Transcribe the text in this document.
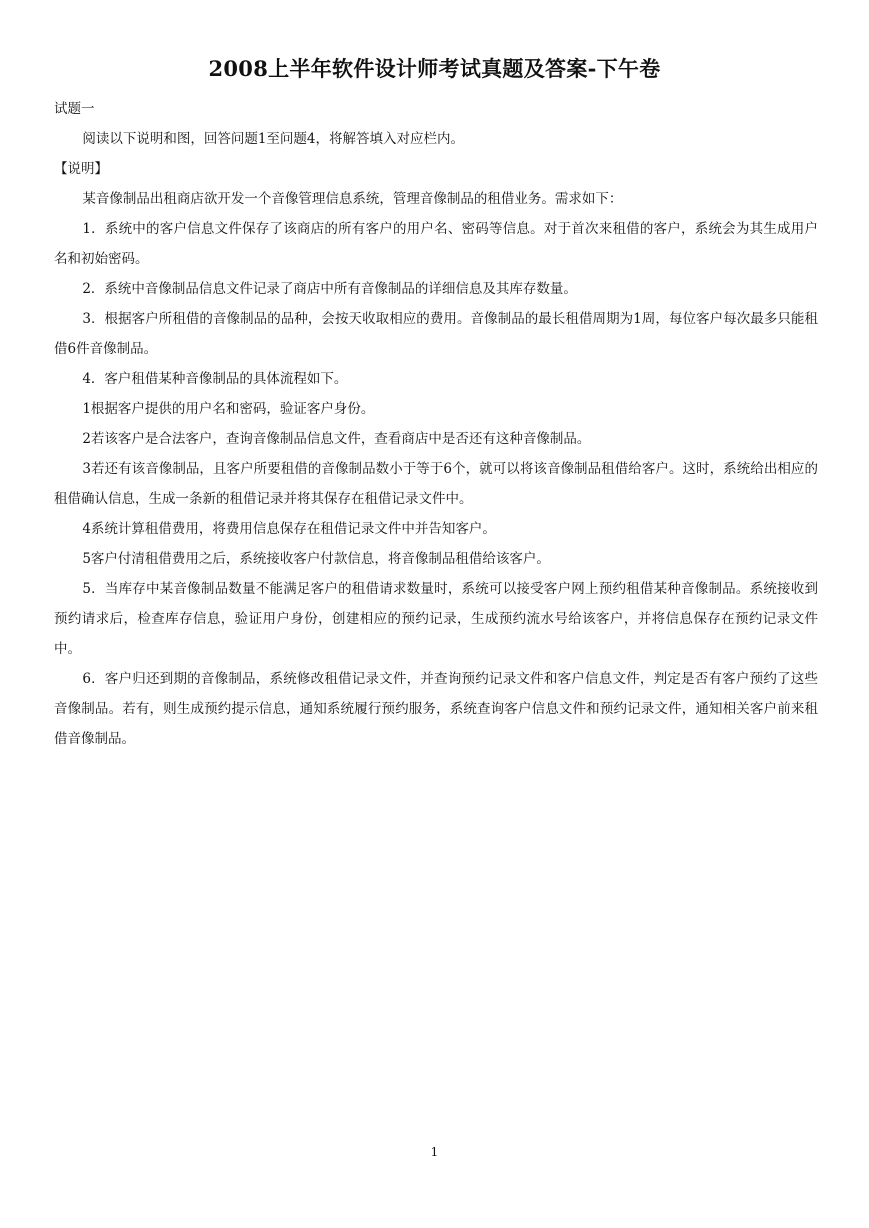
2008上半年软件设计师考试真题及答案-下午卷

试题一

阅读以下说明和图，回答问题1至问题4，将解答填入对应栏内。

【说明】

某音像制品出租商店欲开发一个音像管理信息系统，管理音像制品的租借业务。需求如下：

1．系统中的客户信息文件保存了该商店的所有客户的用户名、密码等信息。对于首次来租借的客户，系统会为其生成用户名和初始密码。

2．系统中音像制品信息文件记录了商店中所有音像制品的详细信息及其库存数量。

3．根据客户所租借的音像制品的品种，会按天收取相应的费用。音像制品的最长租借周期为1周，每位客户每次最多只能租借6件音像制品。

4．客户租借某种音像制品的具体流程如下。

1根据客户提供的用户名和密码，验证客户身份。

2若该客户是合法客户，查询音像制品信息文件，查看商店中是否还有这种音像制品。

3若还有该音像制品，且客户所要租借的音像制品数小于等于6个，就可以将该音像制品租借给客户。这时，系统给出相应的租借确认信息，生成一条新的租借记录并将其保存在租借记录文件中。

4系统计算租借费用，将费用信息保存在租借记录文件中并告知客户。

5客户付清租借费用之后，系统接收客户付款信息，将音像制品租借给该客户。

5．当库存中某音像制品数量不能满足客户的租借请求数量时，系统可以接受客户网上预约租借某种音像制品。系统接收到预约请求后，检查库存信息，验证用户身份，创建相应的预约记录，生成预约流水号给该客户，并将信息保存在预约记录文件中。

6．客户归还到期的音像制品，系统修改租借记录文件，并查询预约记录文件和客户信息文件，判定是否有客户预约了这些音像制品。若有，则生成预约提示信息，通知系统履行预约服务，系统查询客户信息文件和预约记录文件，通知相关客户前来租借音像制品。

1
